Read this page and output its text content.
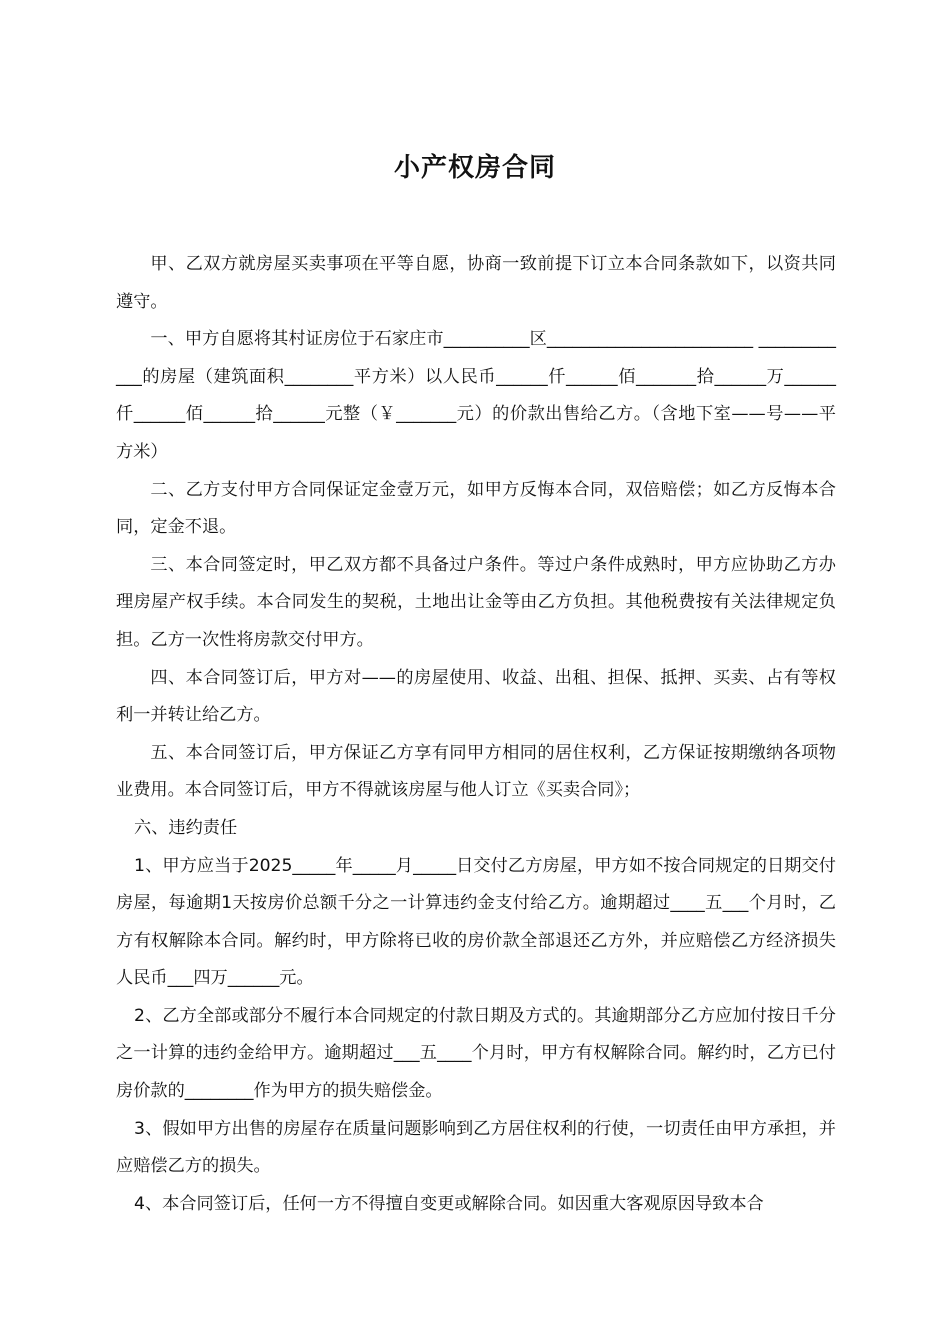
小产权房合同

甲、乙双方就房屋买卖事项在平等自愿，协商一致前提下订立本合同条款如下，以资共同遵守。

一、甲方自愿将其村证房位于石家庄市__________区________________________ ____________的房屋（建筑面积________平方米）以人民币______仟______佰_______拾______万______仟______佰______拾______元整（￥_______元）的价款出售给乙方。（含地下室——号——平方米）

二、乙方支付甲方合同保证定金壹万元，如甲方反悔本合同，双倍赔偿；如乙方反悔本合同，定金不退。

三、本合同签定时，甲乙双方都不具备过户条件。等过户条件成熟时，甲方应协助乙方办理房屋产权手续。本合同发生的契税，土地出让金等由乙方负担。其他税费按有关法律规定负担。乙方一次性将房款交付甲方。

四、本合同签订后，甲方对——的房屋使用、收益、出租、担保、抵押、买卖、占有等权利一并转让给乙方。

五、本合同签订后，甲方保证乙方享有同甲方相同的居住权利，乙方保证按期缴纳各项物业费用。本合同签订后，甲方不得就该房屋与他人订立《买卖合同》；

六、违约责任

1、甲方应当于2025_____年_____月_____日交付乙方房屋，甲方如不按合同规定的日期交付房屋，每逾期1天按房价总额千分之一计算违约金支付给乙方。逾期超过____五___个月时，乙方有权解除本合同。解约时，甲方除将已收的房价款全部退还乙方外，并应赔偿乙方经济损失人民币___四万______元。

2、乙方全部或部分不履行本合同规定的付款日期及方式的。其逾期部分乙方应加付按日千分之一计算的违约金给甲方。逾期超过___五____个月时，甲方有权解除合同。解约时，乙方已付房价款的________作为甲方的损失赔偿金。

3、假如甲方出售的房屋存在质量问题影响到乙方居住权利的行使，一切责任由甲方承担，并应赔偿乙方的损失。

4、本合同签订后，任何一方不得擅自变更或解除合同。如因重大客观原因导致本合
